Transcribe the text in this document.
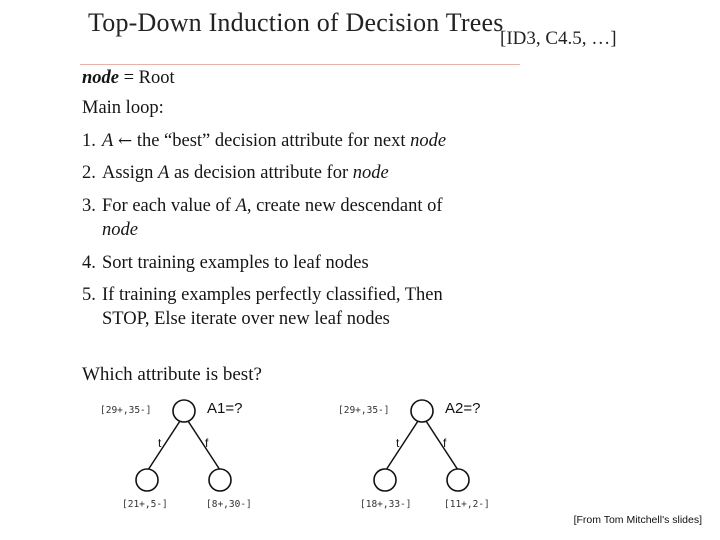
Top-Down Induction of Decision Trees
[ID3, C4.5, …]
node = Root
Main loop:
1. A ← the “best” decision attribute for next node
2. Assign A as decision attribute for node
3. For each value of A, create new descendant of
node
4. Sort training examples to leaf nodes
5. If training examples perfectly classified, Then
STOP, Else iterate over new leaf nodes
Which attribute is best?
[29+,35-]	A1=?
t	f
[21+,5-]	[8+,30-]
[29+,35-]	A2=?
t	f
[18+,33-]	[11+,2-]
[From Tom Mitchell's slides]
